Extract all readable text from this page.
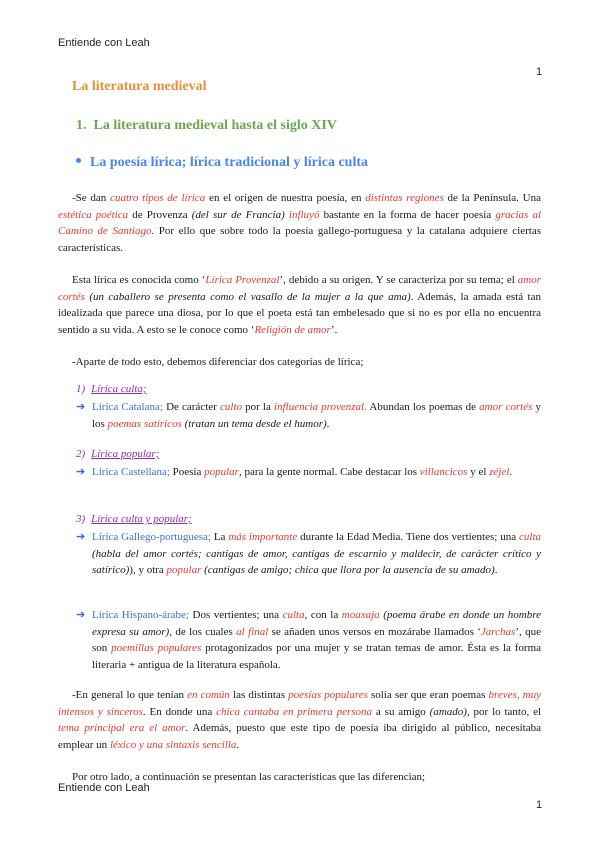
Entiende con Leah
1
La literatura medieval
1. La literatura medieval hasta el siglo XIV
La poesía lírica; lírica tradicional y lírica culta

-Se dan cuatro tipos de lírica en el origen de nuestra poesía, en distintas regiones de la Península. Una estética poética de Provenza (del sur de Francia) influyó bastante en la forma de hacer poesía gracias al Camino de Santiago. Por ello que sobre todo la poesía gallego-portuguesa y la catalana adquiere ciertas características.

Esta lírica es conocida como ‘Lírica Provenzal’, debido a su origen. Y se caracteriza por su tema; el amor cortés (un caballero se presenta como el vasallo de la mujer a la que ama). Además, la amada está tan idealizada que parece una diosa, por lo que el poeta está tan embelesado que si no es por ella no encuentra sentido a su vida. A esto se le conoce como ‘Religión de amor’.

-Aparte de todo esto, debemos diferenciar dos categorías de lírica;

1) Lírica culta;
➔ Lírica Catalana; De carácter culto por la influencia provenzal. Abundan los poemas de amor cortés y los poemas satíricos (tratan un tema desde el humor).
2) Lírica popular;
➔ Lírica Castellana; Poesía popular, para la gente normal. Cabe destacar los villancicos y el zéjel.
3) Lírica culta y popular;
➔ Lírica Gallego-portuguesa; La más importante durante la Edad Media. Tiene dos vertientes; una culta (habla del amor cortés; cantigas de amor, cantigas de escarnio y maldecir, de carácter crítico y satírico)), y otra popular (cantigas de amigo; chica que llora por la ausencia de su amado).
➔ Lírica Hispano-árabe; Dos vertientes; una culta, con la moaxaja (poema árabe en donde un hombre expresa su amor), de los cuales al final se añaden unos versos en mozárabe llamados ‘Jarchas’, que son poemillas populares protagonizados por una mujer y se tratan temas de amor. Ésta es la forma literaria + antigua de la literatura española.

-En general lo que tenían en común las distintas poesías populares solía ser que eran poemas breves, muy intensos y sinceros. En donde una chica cantaba en primera persona a su amigo (amado), por lo tanto, el tema principal era el amor. Además, puesto que este tipo de poesía iba dirigido al público, necesitaba emplear un léxico y una sintaxis sencilla.

Por otro lado, a continuación se presentan las características que las diferencian;

Entiende con Leah
1
